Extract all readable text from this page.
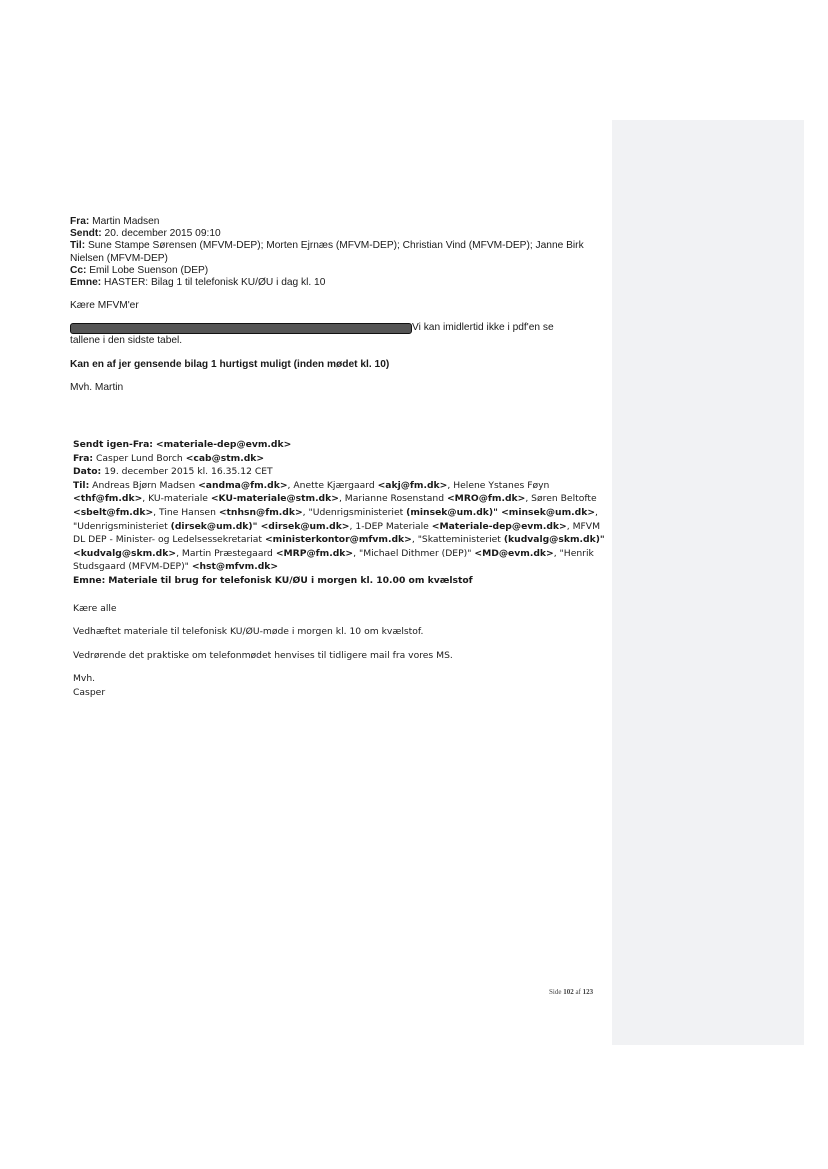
Fra: Martin Madsen
Sendt: 20. december 2015 09:10
Til: Sune Stampe Sørensen (MFVM-DEP); Morten Ejrnæs (MFVM-DEP); Christian Vind (MFVM-DEP); Janne Birk Nielsen (MFVM-DEP)
Cc: Emil Lobe Suenson (DEP)
Emne: HASTER: Bilag 1 til telefonisk KU/ØU i dag kl. 10
Kære MFVM'er
Vi kan imidlertid ikke i pdf'en se
tallene i den sidste tabel.
Kan en af jer gensende bilag 1 hurtigst muligt (inden mødet kl. 10)
Mvh. Martin
Sendt igen-Fra: <materiale-dep@evm.dk>
Fra: Casper Lund Borch <cab@stm.dk>
Dato: 19. december 2015 kl. 16.35.12 CET
Til: Andreas Bjørn Madsen <andma@fm.dk>, Anette Kjærgaard <akj@fm.dk>, Helene Ystanes Føyn <thf@fm.dk>, KU-materiale <KU-materiale@stm.dk>, Marianne Rosenstand <MRO@fm.dk>, Søren Beltofte <sbelt@fm.dk>, Tine Hansen <tnhsn@fm.dk>, "Udenrigsministeriet (minsek@um.dk)" <minsek@um.dk>, "Udenrigsministeriet (dirsek@um.dk)" <dirsek@um.dk>, 1-DEP Materiale <Materiale-dep@evm.dk>, MFVM DL DEP - Minister- og Ledelsessekretariat <ministerkontor@mfvm.dk>, "Skatteministeriet (kudvalg@skm.dk)" <kudvalg@skm.dk>, Martin Præstegaard <MRP@fm.dk>, "Michael Dithmer (DEP)" <MD@evm.dk>, "Henrik Studsgaard (MFVM-DEP)" <hst@mfvm.dk>
Emne: Materiale til brug for telefonisk KU/ØU i morgen kl. 10.00 om kvælstof
Kære alle
Vedhæftet materiale til telefonisk KU/ØU-møde i morgen kl. 10 om kvælstof.
Vedrørende det praktiske om telefonmødet henvises til tidligere mail fra vores MS.
Mvh.
Casper
Side 102 af 123
